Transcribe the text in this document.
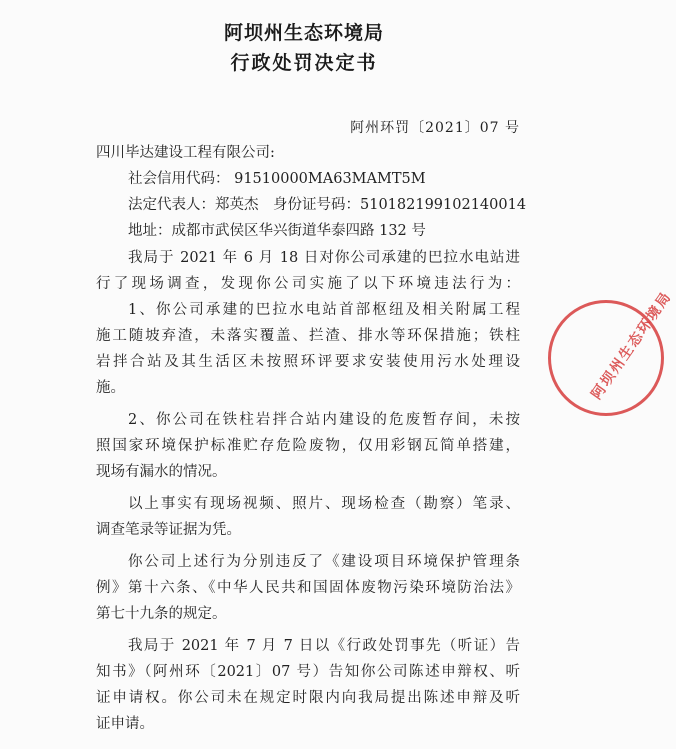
阿坝州生态环境局
行政处罚决定书
阿州环罚〔2021〕07 号
四川毕达建设工程有限公司:
社会信用代码： 91510000MA63MAMT5M
法定代表人：郑英杰　身份证号码：510182199102140014
地址：成都市武侯区华兴街道华泰四路 132 号
我局于 2021 年 6 月 18 日对你公司承建的巴拉水电站进
行了现场调查，发现你公司实施了以下环境违法行为：
1、你公司承建的巴拉水电站首部枢纽及相关附属工程
施工随坡弃渣，未落实覆盖、拦渣、排水等环保措施；铁柱
岩拌合站及其生活区未按照环评要求安装使用污水处理设
施。
2、你公司在铁柱岩拌合站内建设的危废暂存间，未按
照国家环境保护标准贮存危险废物，仅用彩钢瓦简单搭建，
现场有漏水的情况。
以上事实有现场视频、照片、现场检查（勘察）笔录、
调查笔录等证据为凭。
你公司上述行为分别违反了《建设项目环境保护管理条
例》第十六条、《中华人民共和国固体废物污染环境防治法》
第七十九条的规定。
我局于 2021 年 7 月 7 日以《行政处罚事先（听证）告
知书》（阿州环〔2021〕07 号）告知你公司陈述申辩权、听
证申请权。你公司未在规定时限内向我局提出陈述申辩及听
证申请。
阿坝州生态环境局
